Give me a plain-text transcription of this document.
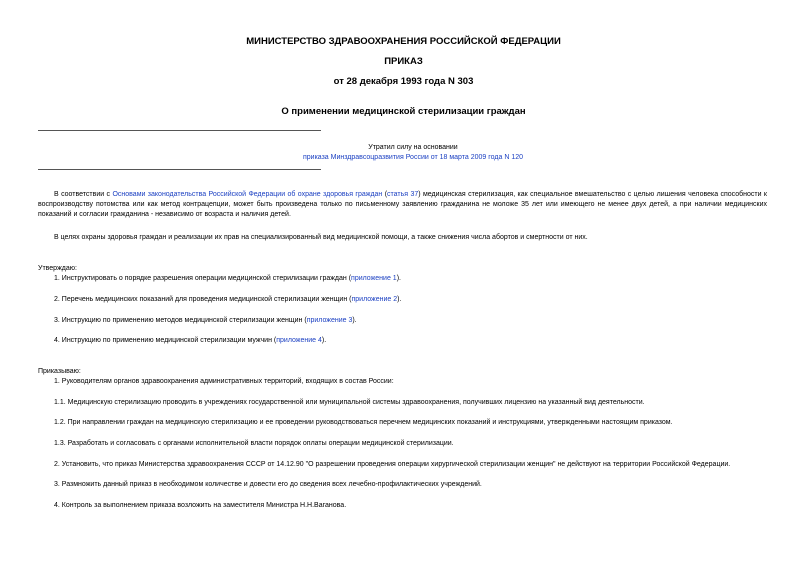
МИНИСТЕРСТВО ЗДРАВООХРАНЕНИЯ РОССИЙСКОЙ ФЕДЕРАЦИИ
ПРИКАЗ
от 28 декабря 1993 года N 303
О применении медицинской стерилизации граждан
Утратил силу на основании
приказа Минздравсоцразвития России от 18 марта 2009 года N 120
В соответствии с Основами законодательства Российской Федерации об охране здоровья граждан (статья 37) медицинская стерилизация, как специальное вмешательство с целью лишения человека способности к воспроизводству потомства или как метод контрацепции, может быть произведена только по письменному заявлению гражданина не моложе 35 лет или имеющего не менее двух детей, а при наличии медицинских показаний и согласии гражданина - независимо от возраста и наличия детей.
В целях охраны здоровья граждан и реализации их прав на специализированный вид медицинской помощи, а также снижения числа абортов и смертности от них.
Утверждаю:
1. Инструктировать о порядке разрешения операции медицинской стерилизации граждан (приложение 1).
2. Перечень медицинских показаний для проведения медицинской стерилизации женщин (приложение 2).
3. Инструкцию по применению методов медицинской стерилизации женщин (приложение 3).
4. Инструкцию по применению медицинской стерилизации мужчин (приложение 4).
Приказываю:
1. Руководителям органов здравоохранения административных территорий, входящих в состав России:
1.1. Медицинскую стерилизацию проводить в учреждениях государственной или муниципальной системы здравоохранения, получивших лицензию на указанный вид деятельности.
1.2. При направлении граждан на медицинскую стерилизацию и ее проведении руководствоваться перечнем медицинских показаний и инструкциями, утвержденными настоящим приказом.
1.3. Разработать и согласовать с органами исполнительной власти порядок оплаты операции медицинской стерилизации.
2. Установить, что приказ Министерства здравоохранения СССР от 14.12.90 "О разрешении проведения операции хирургической стерилизации женщин" не действуют на территории Российской Федерации.
3. Размножить данный приказ в необходимом количестве и довести его до сведения всех лечебно-профилактических учреждений.
4. Контроль за выполнением приказа возложить на заместителя Министра Н.Н.Ваганова.
